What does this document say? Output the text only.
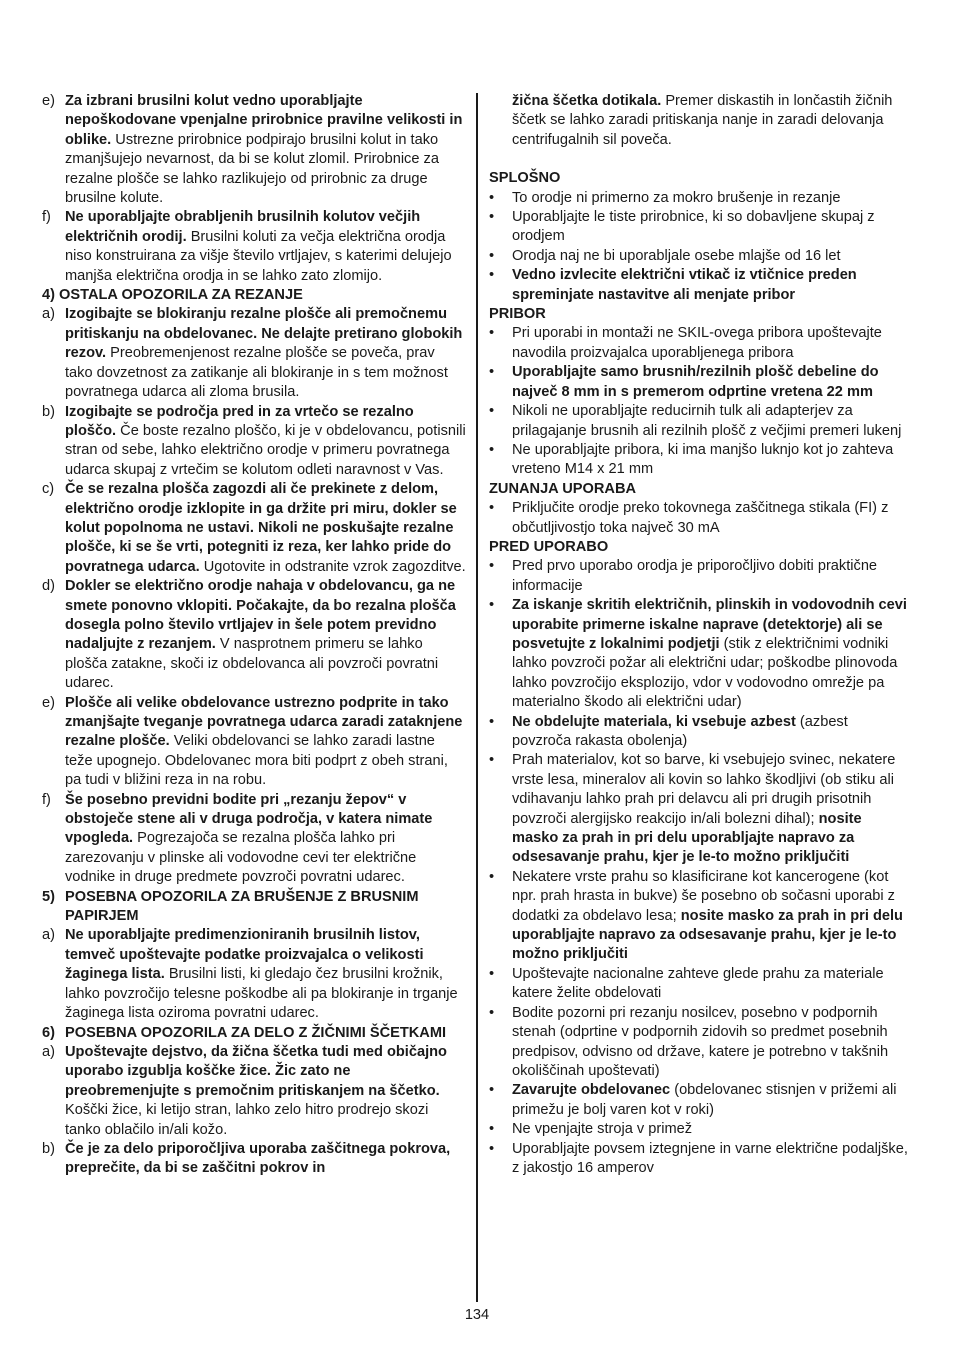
e) Za izbrani brusilni kolut vedno uporabljajte nepoškodovane vpenjalne prirobnice pravilne velikosti in oblike. Ustrezne prirobnice podpirajo brusilni kolut in tako zmanjšujejo nevarnost, da bi se kolut zlomil. Prirobnice za rezalne plošče se lahko razlikujejo od prirobnic za druge brusilne kolute.
f) Ne uporabljajte obrabljenih brusilnih kolutov večjih električnih orodij. Brusilni koluti za večja električna orodja niso konstruirana za višje število vrtljajev, s katerimi delujejo manjša električna orodja in se lahko zato zlomijo.
4) OSTALA OPOZORILA ZA REZANJE
a) Izogibajte se blokiranju rezalne plošče ali premočnemu pritiskanju na obdelovanec. Ne delajte pretirano globokih rezov. Preobremenjenost rezalne plošče se poveča, prav tako dovzetnost za zatikanje ali blokiranje in s tem možnost povratnega udarca ali zloma brusila.
b) Izogibajte se področja pred in za vrtečo se rezalno ploščo. Če boste rezalno ploščo, ki je v obdelovancu, potisnili stran od sebe, lahko električno orodje v primeru povratnega udarca skupaj z vrtečim se kolutom odleti naravnost v Vas.
c) Če se rezalna plošča zagozdi ali če prekinete z delom, električno orodje izklopite in ga držite pri miru, dokler se kolut popolnoma ne ustavi. Nikoli ne poskušajte rezalne plošče, ki se še vrti, potegniti iz reza, ker lahko pride do povratnega udarca. Ugotovite in odstranite vzrok zagozditve.
d) Dokler se električno orodje nahaja v obdelovancu, ga ne smete ponovno vklopiti. Počakajte, da bo rezalna plošča dosegla polno število vrtljajev in šele potem previdno nadaljujte z rezanjem. V nasprotnem primeru se lahko plošča zatakne, skoči iz obdelovanca ali povzroči povratni udarec.
e) Plošče ali velike obdelovance ustrezno podprite in tako zmanjšajte tveganje povratnega udarca zaradi zataknjene rezalne plošče. Veliki obdelovanci se lahko zaradi lastne teže upognejo. Obdelovanec mora biti podprt z obeh strani, pa tudi v bližini reza in na robu.
f) Še posebno previdni bodite pri „rezanju žepov“ v obstoječe stene ali v druga področja, v katera nimate vpogleda. Pogrezajoča se rezalna plošča lahko pri zarezovanju v plinske ali vodovodne cevi ter električne vodnike in druge predmete povzroči povratni udarec.
5) POSEBNA OPOZORILA ZA BRUŠENJE Z BRUSNIM PAPIRJEM
a) Ne uporabljajte predimenzioniranih brusilnih listov, temveč upoštevajte podatke proizvajalca o velikosti žaginega lista. Brusilni listi, ki gledajo čez brusilni krožnik, lahko povzročijo telesne poškodbe ali pa blokiranje in trganje žaginega lista oziroma povratni udarec.
6) POSEBNA OPOZORILA ZA DELO Z ŽIČNIMI ŠČETKAMI
a) Upoštevajte dejstvo, da žična ščetka tudi med običajno uporabo izgublja koščke žice. Žic zato ne preobremenjujte s premočnim pritiskanjem na ščetko. Koščki žice, ki letijo stran, lahko zelo hitro prodrejo skozi tanko oblačilo in/ali kožo.
b) Če je za delo priporočljiva uporaba zaščitnega pokrova, preprečite, da bi se zaščitni pokrov in
žična ščetka dotikala. Premer diskastih in lončastih žičnih ščetk se lahko zaradi pritiskanja nanje in zaradi delovanja centrifugalnih sil poveča.
SPLOŠNO
• To orodje ni primerno za mokro brušenje in rezanje
• Uporabljajte le tiste prirobnice, ki so dobavljene skupaj z orodjem
• Orodja naj ne bi uporabljale osebe mlajše od 16 let
• Vedno izvlecite električni vtikač iz vtičnice preden spreminjate nastavitve ali menjate pribor
PRIBOR
• Pri uporabi in montaži ne SKIL-ovega pribora upoštevajte navodila proizvajalca uporabljenega pribora
• Uporabljajte samo brusnih/rezilnih plošč debeline do največ 8 mm in s premerom odprtine vretena 22 mm
• Nikoli ne uporabljajte reducirnih tulk ali adapterjev za prilagajanje brusnih ali rezilnih plošč z večjimi premeri lukenj
• Ne uporabljajte pribora, ki ima manjšo luknjo kot jo zahteva vreteno M14 x 21 mm
ZUNANJA UPORABA
• Priključite orodje preko tokovnega zaščitnega stikala (FI) z občutljivostjo toka največ 30 mA
PRED UPORABO
• Pred prvo uporabo orodja je priporočljivo dobiti praktične informacije
• Za iskanje skritih električnih, plinskih in vodovodnih cevi uporabite primerne iskalne naprave (detektorje) ali se posvetujte z lokalnimi podjetji (stik z električnimi vodniki lahko povzroči požar ali električni udar; poškodbe plinovoda lahko povzročijo eksplozijo, vdor v vodovodno omrežje pa materialno škodo ali električni udar)
• Ne obdelujte materiala, ki vsebuje azbest (azbest povzroča rakasta obolenja)
• Prah materialov, kot so barve, ki vsebujejo svinec, nekatere vrste lesa, mineralov ali kovin so lahko škodljivi (ob stiku ali vdihavanju lahko prah pri delavcu ali pri drugih prisotnih povzroči alergijsko reakcijo in/ali bolezni dihal); nosite masko za prah in pri delu uporabljajte napravo za odsesavanje prahu, kjer je le-to možno priključiti
• Nekatere vrste prahu so klasificirane kot kancerogene (kot npr. prah hrasta in bukve) še posebno ob sočasni uporabi z dodatki za obdelavo lesa; nosite masko za prah in pri delu uporabljajte napravo za odsesavanje prahu, kjer je le-to možno priključiti
• Upoštevajte nacionalne zahteve glede prahu za materiale katere želite obdelovati
• Bodite pozorni pri rezanju nosilcev, posebno v podpornih stenah (odprtine v podpornih zidovih so predmet posebnih predpisov, odvisno od države, katere je potrebno v takšnih okoliščinah upoštevati)
• Zavarujte obdelovanec (obdelovanec stisnjen v prižemi ali primežu je bolj varen kot v roki)
• Ne vpenjajte stroja v primež
• Uporabljajte povsem iztegnjene in varne električne podaljške, z jakostjo 16 amperov
134
